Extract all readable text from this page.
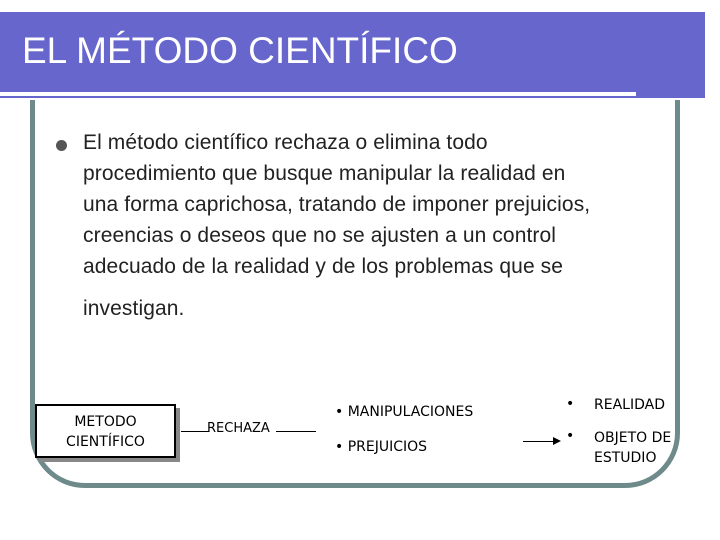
EL MÉTODO CIENTÍFICO

El método científico rechaza o elimina todo
procedimiento que busque manipular la realidad en
una forma caprichosa, tratando de imponer prejuicios,
creencias o deseos que no se ajusten a un control
adecuado de la realidad y de los problemas que se
investigan.

METODO
CIENTÍFICO
RECHAZA
• MANIPULACIONES
• PREJUICIOS
• REALIDAD
• OBJETO DE
ESTUDIO
